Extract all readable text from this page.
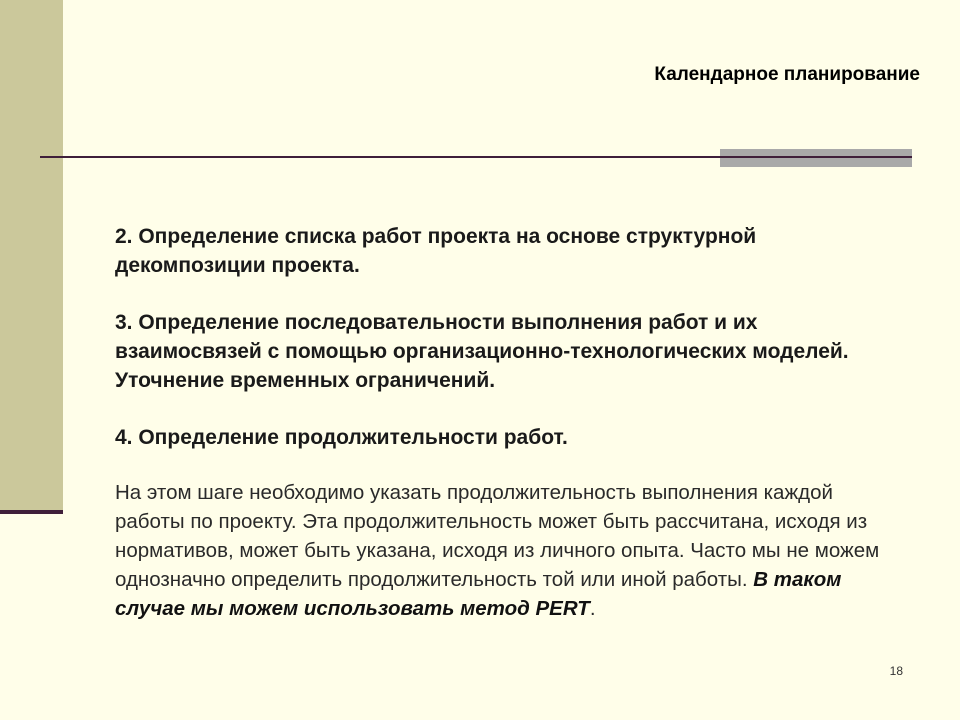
Календарное планирование

2. Определение списка работ проекта на основе структурной декомпозиции проекта.

3. Определение последовательности выполнения работ и их взаимосвязей с помощью организационно-технологических моделей. Уточнение временных ограничений.

4. Определение продолжительности работ.

На этом шаге необходимо указать продолжительность выполнения каждой работы по проекту. Эта продолжительность может быть рассчитана, исходя из нормативов, может быть указана, исходя из личного опыта. Часто мы не можем однозначно определить продолжительность той или иной работы. В таком случае мы можем использовать метод PERT.

18
